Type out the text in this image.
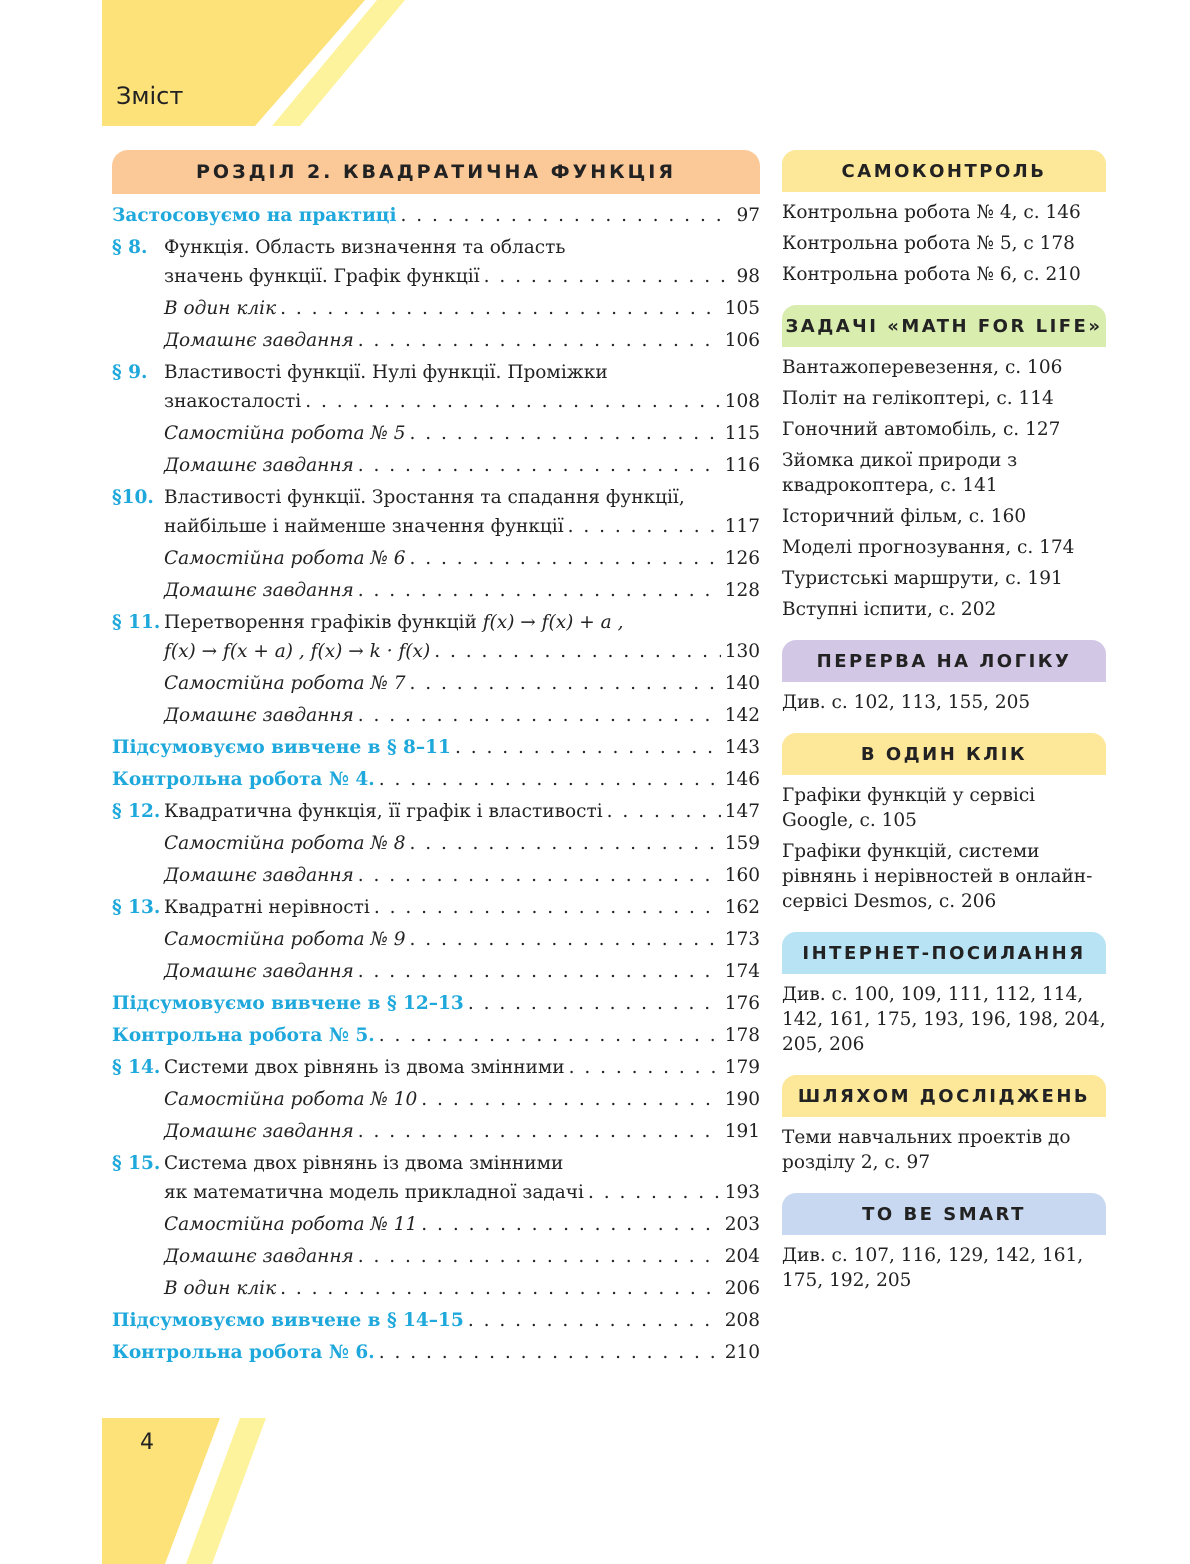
Зміст
4
РОЗДІЛ 2. КВАДРАТИЧНА ФУНКЦІЯ
Застосовуємо на практиці . . .	97
§ 8. Функція. Область визначення та область
значень функції. Графік функції . . .	98
В один клік . . .	105
Домашнє завдання . . .	106
§ 9. Властивості функції. Нулі функції. Проміжки
знакосталості . . .	108
Самостійна робота № 5 . . .	115
Домашнє завдання . . .	116
§10. Властивості функції. Зростання та спадання функції,
найбільше і найменше значення функції . . .	117
Самостійна робота № 6 . . .	126
Домашнє завдання . . .	128
§ 11. Перетворення графіків функцій
f(x) → f(x) + a ,
f(x) → f(x + a) , f(x) → k · f(x) . . .	130
Самостійна робота № 7 . . .	140
Домашнє завдання . . .	142
Підсумовуємо вивчене в § 8–11 . . .	143
Контрольна робота № 4. . . .	146
§ 12. Квадратична функція, її графік і властивості . . .	147
Самостійна робота № 8 . . .	159
Домашнє завдання . . .	160
§ 13. Квадратні нерівності . . .	162
Самостійна робота № 9 . . .	173
Домашнє завдання . . .	174
Підсумовуємо вивчене в § 12–13 . . .	176
Контрольна робота № 5. . . .	178
§ 14. Системи двох рівнянь із двома змінними . . .	179
Самостійна робота № 10 . . .	190
Домашнє завдання . . .	191
§ 15. Система двох рівнянь із двома змінними
як математична модель прикладної задачі . . .	193
Самостійна робота № 11 . . .	203
Домашнє завдання . . .	204
В один клік . . .	206
Підсумовуємо вивчене в § 14–15 . . .	208
Контрольна робота № 6. . . .	210
САМОКОНТРОЛЬ
Контрольна робота № 4, с. 146
Контрольна робота № 5, с 178
Контрольна робота № 6, с. 210
ЗАДАЧІ «MATH FOR LIFE»
Вантажоперевезення, с. 106
Політ на гелікоптері, с. 114
Гоночний автомобіль, с. 127
Зйомка дикої природи з квадрокоптера, с. 141
Історичний фільм, с. 160
Моделі прогнозування, с. 174
Туристські маршрути, с. 191
Вступні іспити, с. 202
ПЕРЕРВА НА ЛОГІКУ
Див. с. 102, 113, 155, 205
В ОДИН КЛІК
Графіки функцій у сервісі Google, с. 105
Графіки функцій, системи рівнянь і нерівностей в онлайн-сервісі Desmos, с. 206
ІНТЕРНЕТ-ПОСИЛАННЯ
Див. с. 100, 109, 111, 112, 114, 142, 161, 175, 193, 196, 198, 204, 205, 206
ШЛЯХОМ ДОСЛІДЖЕНЬ
Теми навчальних проектів до розділу 2, с. 97
TO BE SMART
Див. с. 107, 116, 129, 142, 161, 175, 192, 205
